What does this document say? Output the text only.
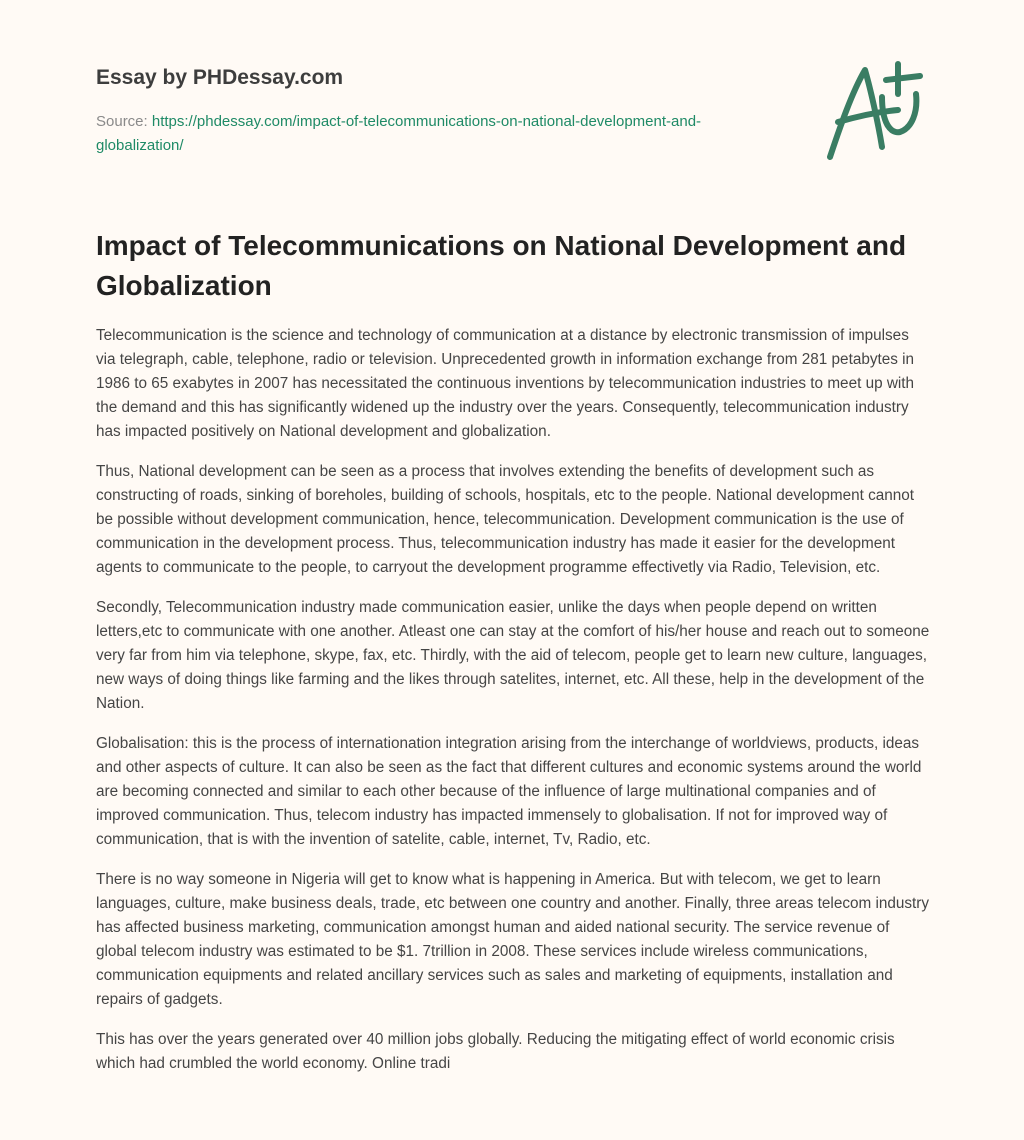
Essay by PHDessay.com
Source: https://phdessay.com/impact-of-telecommunications-on-national-development-and-globalization/
Impact of Telecommunications on National Development and Globalization

Telecommunication is the science and technology of communication at a distance by electronic transmission of impulses via telegraph, cable, telephone, radio or television. Unprecedented growth in information exchange from 281 petabytes in 1986 to 65 exabytes in 2007 has necessitated the continuous inventions by telecommunication industries to meet up with the demand and this has significantly widened up the industry over the years. Consequently, telecommunication industry has impacted positively on National development and globalization.

Thus, National development can be seen as a process that involves extending the benefits of development such as constructing of roads, sinking of boreholes, building of schools, hospitals, etc to the people. National development cannot be possible without development communication, hence, telecommunication. Development communication is the use of communication in the development process. Thus, telecommunication industry has made it easier for the development agents to communicate to the people, to carryout the development programme effectivetly via Radio, Television, etc.

Secondly, Telecommunication industry made communication easier, unlike the days when people depend on written letters,etc to communicate with one another. Atleast one can stay at the comfort of his/her house and reach out to someone very far from him via telephone, skype, fax, etc. Thirdly, with the aid of telecom, people get to learn new culture, languages, new ways of doing things like farming and the likes through satelites, internet, etc. All these, help in the development of the Nation.

Globalisation: this is the process of internationation integration arising from the interchange of worldviews, products, ideas and other aspects of culture. It can also be seen as the fact that different cultures and economic systems around the world are becoming connected and similar to each other because of the influence of large multinational companies and of improved communication. Thus, telecom industry has impacted immensely to globalisation. If not for improved way of communication, that is with the invention of satelite, cable, internet, Tv, Radio, etc.

There is no way someone in Nigeria will get to know what is happening in America. But with telecom, we get to learn languages, culture, make business deals, trade, etc between one country and another. Finally, three areas telecom industry has affected business marketing, communication amongst human and aided national security. The service revenue of global telecom industry was estimated to be $1. 7trillion in 2008. These services include wireless communications, communication equipments and related ancillary services such as sales and marketing of equipments, installation and repairs of gadgets.

This has over the years generated over 40 million jobs globally. Reducing the mitigating effect of world economic crisis which had crumbled the world economy. Online tradi
